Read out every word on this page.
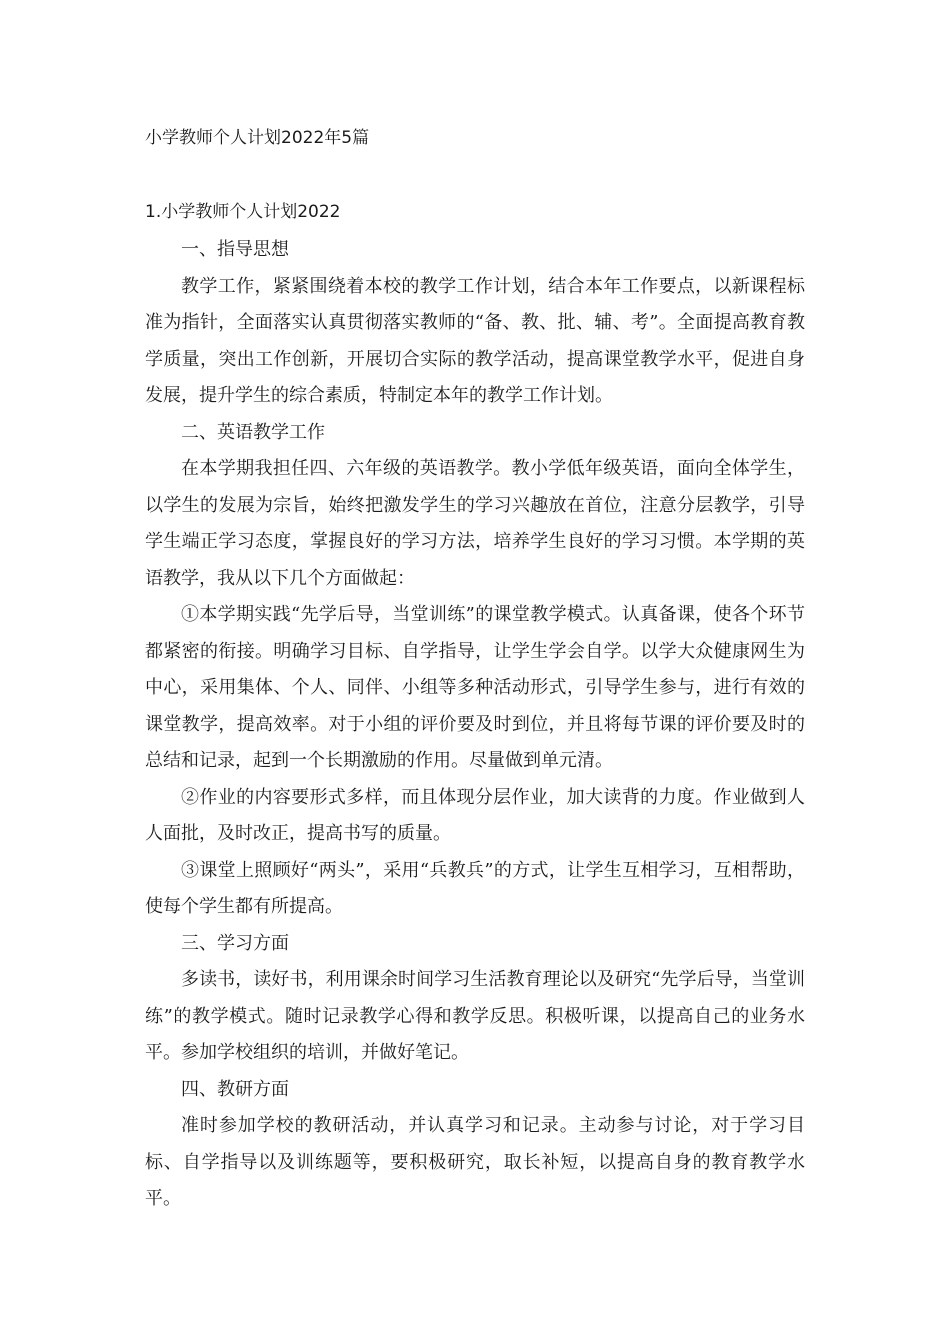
小学教师个人计划2022年5篇
1.小学教师个人计划2022

一、指导思想

教学工作，紧紧围绕着本校的教学工作计划，结合本年工作要点，以新课程标准为指针，全面落实认真贯彻落实教师的“备、教、批、辅、考”。全面提高教育教学质量，突出工作创新，开展切合实际的教学活动，提高课堂教学水平，促进自身发展，提升学生的综合素质，特制定本年的教学工作计划。

二、英语教学工作

在本学期我担任四、六年级的英语教学。教小学低年级英语，面向全体学生，以学生的发展为宗旨，始终把激发学生的学习兴趣放在首位，注意分层教学，引导学生端正学习态度，掌握良好的学习方法，培养学生良好的学习习惯。本学期的英语教学，我从以下几个方面做起：

①本学期实践“先学后导，当堂训练”的课堂教学模式。认真备课，使各个环节都紧密的衔接。明确学习目标、自学指导，让学生学会自学。以学大众健康网生为中心，采用集体、个人、同伴、小组等多种活动形式，引导学生参与，进行有效的课堂教学，提高效率。对于小组的评价要及时到位，并且将每节课的评价要及时的总结和记录，起到一个长期激励的作用。尽量做到单元清。

②作业的内容要形式多样，而且体现分层作业，加大读背的力度。作业做到人人面批，及时改正，提高书写的质量。

③课堂上照顾好“两头”，采用“兵教兵”的方式，让学生互相学习，互相帮助，使每个学生都有所提高。

三、学习方面

多读书，读好书，利用课余时间学习生活教育理论以及研究“先学后导，当堂训练”的教学模式。随时记录教学心得和教学反思。积极听课，以提高自己的业务水平。参加学校组织的培训，并做好笔记。

四、教研方面

准时参加学校的教研活动，并认真学习和记录。主动参与讨论，对于学习目标、自学指导以及训练题等，要积极研究，取长补短，以提高自身的教育教学水平。
